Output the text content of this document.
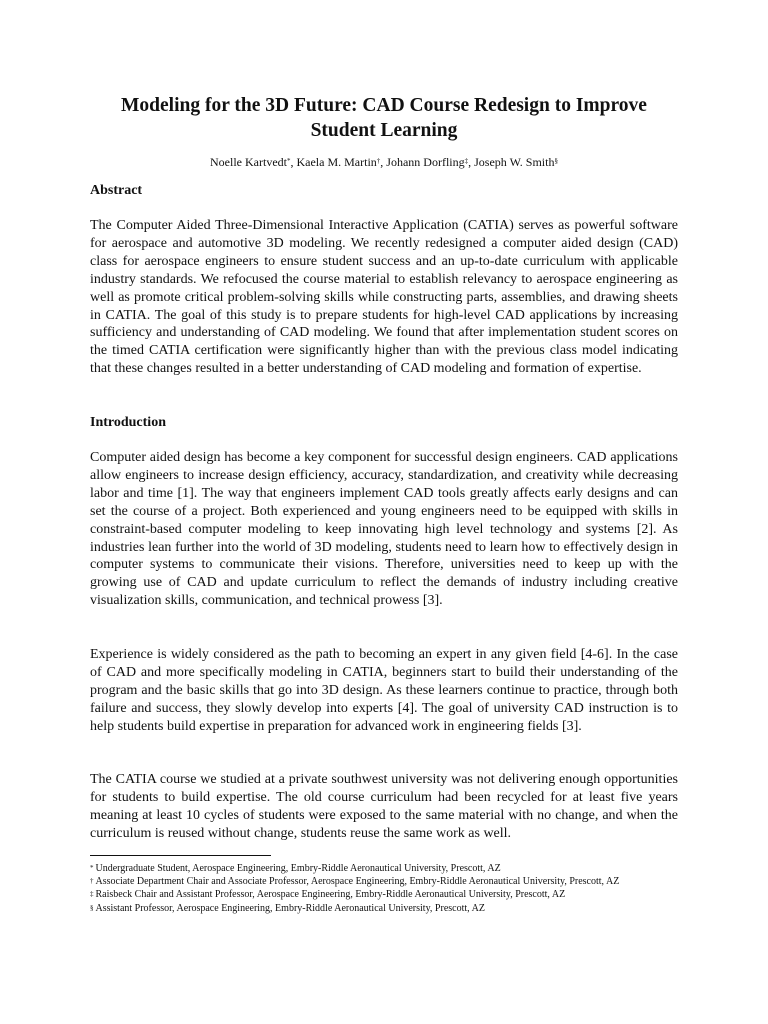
Modeling for the 3D Future: CAD Course Redesign to Improve Student Learning
Noelle Kartvedt*, Kaela M. Martin†, Johann Dorfling‡, Joseph W. Smith§
Abstract

The Computer Aided Three-Dimensional Interactive Application (CATIA) serves as powerful software for aerospace and automotive 3D modeling. We recently redesigned a computer aided design (CAD) class for aerospace engineers to ensure student success and an up-to-date curriculum with applicable industry standards. We refocused the course material to establish relevancy to aerospace engineering as well as promote critical problem-solving skills while constructing parts, assemblies, and drawing sheets in CATIA. The goal of this study is to prepare students for high-level CAD applications by increasing sufficiency and understanding of CAD modeling. We found that after implementation student scores on the timed CATIA certification were significantly higher than with the previous class model indicating that these changes resulted in a better understanding of CAD modeling and formation of expertise.

Introduction

Computer aided design has become a key component for successful design engineers. CAD applications allow engineers to increase design efficiency, accuracy, standardization, and creativity while decreasing labor and time [1]. The way that engineers implement CAD tools greatly affects early designs and can set the course of a project. Both experienced and young engineers need to be equipped with skills in constraint-based computer modeling to keep innovating high level technology and systems [2]. As industries lean further into the world of 3D modeling, students need to learn how to effectively design in computer systems to communicate their visions. Therefore, universities need to keep up with the growing use of CAD and update curriculum to reflect the demands of industry including creative visualization skills, communication, and technical prowess [3].

Experience is widely considered as the path to becoming an expert in any given field [4-6]. In the case of CAD and more specifically modeling in CATIA, beginners start to build their understanding of the program and the basic skills that go into 3D design. As these learners continue to practice, through both failure and success, they slowly develop into experts [4]. The goal of university CAD instruction is to help students build expertise in preparation for advanced work in engineering fields [3].

The CATIA course we studied at a private southwest university was not delivering enough opportunities for students to build expertise. The old course curriculum had been recycled for at least five years meaning at least 10 cycles of students were exposed to the same material with no change, and when the curriculum is reused without change, students reuse the same work as well.

* Undergraduate Student, Aerospace Engineering, Embry-Riddle Aeronautical University, Prescott, AZ

† Associate Department Chair and Associate Professor, Aerospace Engineering, Embry-Riddle Aeronautical University, Prescott, AZ

‡ Raisbeck Chair and Assistant Professor, Aerospace Engineering, Embry-Riddle Aeronautical University, Prescott, AZ

§ Assistant Professor, Aerospace Engineering, Embry-Riddle Aeronautical University, Prescott, AZ
